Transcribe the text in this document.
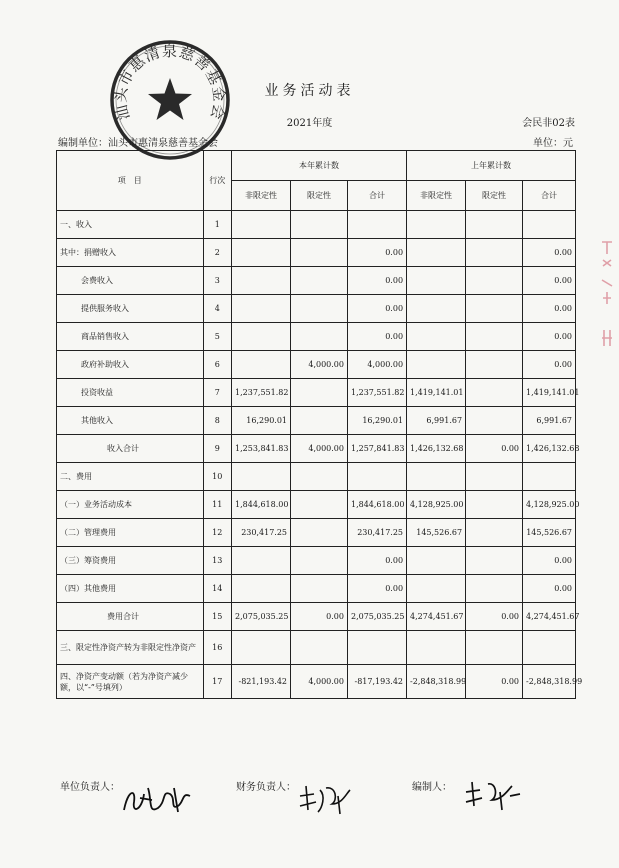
汕头市惠清泉慈善基金会
业务活动表
2021年度	会民非02表
编制单位：汕头市惠清泉慈善基金会	单位：元
项　目	行次	本年累计数			上年累计数		
		非限定性	限定性	合计	非限定性	限定性	合计
一、收入	1						
其中：捐赠收入	2			0.00			0.00
会费收入	3			0.00			0.00
提供服务收入	4			0.00			0.00
商品销售收入	5			0.00			0.00
政府补助收入	6		4,000.00	4,000.00			0.00
投资收益	7	1,237,551.82		1,237,551.82	1,419,141.01		1,419,141.01
其他收入	8	16,290.01		16,290.01	6,991.67		6,991.67
收入合计	9	1,253,841.83	4,000.00	1,257,841.83	1,426,132.68	0.00	1,426,132.68
二、费用	10						
（一）业务活动成本	11	1,844,618.00		1,844,618.00	4,128,925.00		4,128,925.00
（二）管理费用	12	230,417.25		230,417.25	145,526.67		145,526.67
（三）筹资费用	13			0.00			0.00
（四）其他费用	14			0.00			0.00
费用合计	15	2,075,035.25	0.00	2,075,035.25	4,274,451.67	0.00	4,274,451.67
三、限定性净资产转为非限定性净资产	16						
四、净资产变动额（若为净资产减少额，以“-”号填列）	17	-821,193.42	4,000.00	-817,193.42	-2,848,318.99	0.00	-2,848,318.99
单位负责人：	财务负责人：	编制人：
